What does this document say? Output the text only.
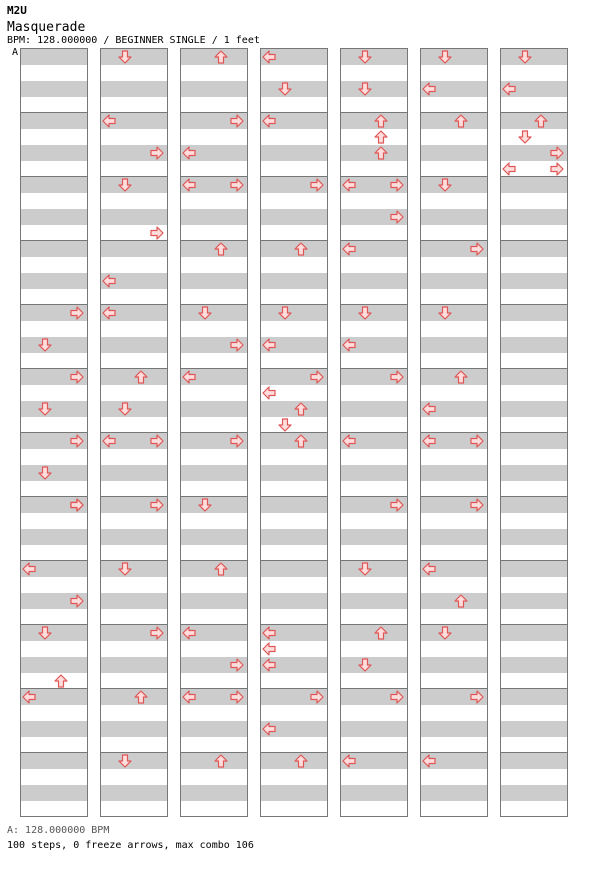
M2U
Masquerade
BPM: 128.000000 / BEGINNER SINGLE / 1 feet
A
A: 128.000000 BPM
100 steps, 0 freeze arrows, max combo 106
